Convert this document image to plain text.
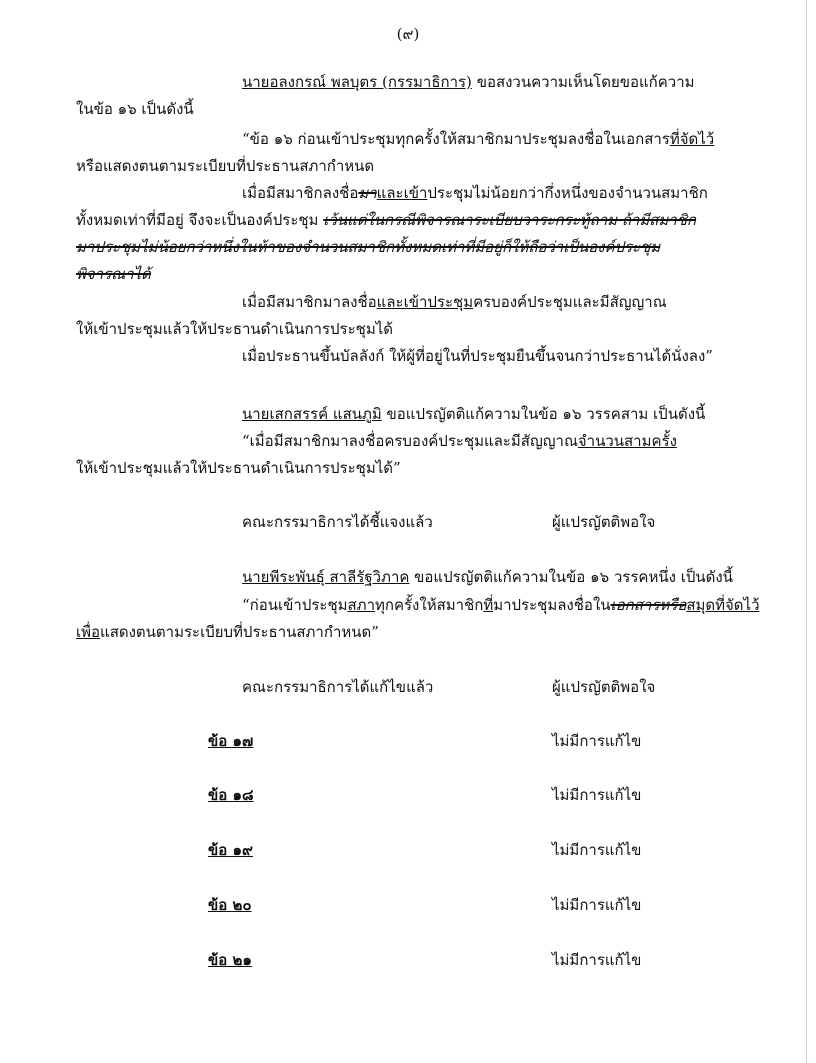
(๙)
นายอลงกรณ์ พลบุตร (กรรมาธิการ) ขอสงวนความเห็นโดยขอแก้ความ
ในข้อ ๑๖ เป็นดังนี้
“ข้อ ๑๖ ก่อนเข้าประชุมทุกครั้งให้สมาชิกมาประชุมลงชื่อในเอกสารที่จัดไว้
หรือแสดงตนตามระเบียบที่ประธานสภากำหนด
เมื่อมีสมาชิกลงชื่อมาและเข้าประชุมไม่น้อยกว่ากึ่งหนึ่งของจำนวนสมาชิก
ทั้งหมดเท่าที่มีอยู่ จึงจะเป็นองค์ประชุม เว้นแต่ในกรณีพิจารณาระเบียบวาระกระทู้ถาม ถ้ามีสมาชิก
มาประชุมไม่น้อยกว่าหนึ่งในห้าของจำนวนสมาชิกทั้งหมดเท่าที่มีอยู่ก็ให้ถือว่าเป็นองค์ประชุม
พิจารณาได้
เมื่อมีสมาชิกมาลงชื่อและเข้าประชุมครบองค์ประชุมและมีสัญญาณ
ให้เข้าประชุมแล้วให้ประธานดำเนินการประชุมได้
เมื่อประธานขึ้นบัลลังก์ ให้ผู้ที่อยู่ในที่ประชุมยืนขึ้นจนกว่าประธานได้นั่งลง”
นายเสกสรรค์ แสนภูมิ ขอแปรญัตติแก้ความในข้อ ๑๖ วรรคสาม เป็นดังนี้
“เมื่อมีสมาชิกมาลงชื่อครบองค์ประชุมและมีสัญญาณจำนวนสามครั้ง
ให้เข้าประชุมแล้วให้ประธานดำเนินการประชุมได้”
คณะกรรมาธิการได้ชี้แจงแล้ว	ผู้แปรญัตติพอใจ
นายพีระพันธุ์ สาลีรัฐวิภาค ขอแปรญัตติแก้ความในข้อ ๑๖ วรรคหนึ่ง เป็นดังนี้
“ก่อนเข้าประชุมสภาทุกครั้งให้สมาชิกที่มาประชุมลงชื่อในเอกสารหรือสมุดที่จัดไว้
เพื่อแสดงตนตามระเบียบที่ประธานสภากำหนด”
คณะกรรมาธิการได้แก้ไขแล้ว	ผู้แปรญัตติพอใจ
ข้อ ๑๗	ไม่มีการแก้ไข
ข้อ ๑๘	ไม่มีการแก้ไข
ข้อ ๑๙	ไม่มีการแก้ไข
ข้อ ๒๐	ไม่มีการแก้ไข
ข้อ ๒๑	ไม่มีการแก้ไข
